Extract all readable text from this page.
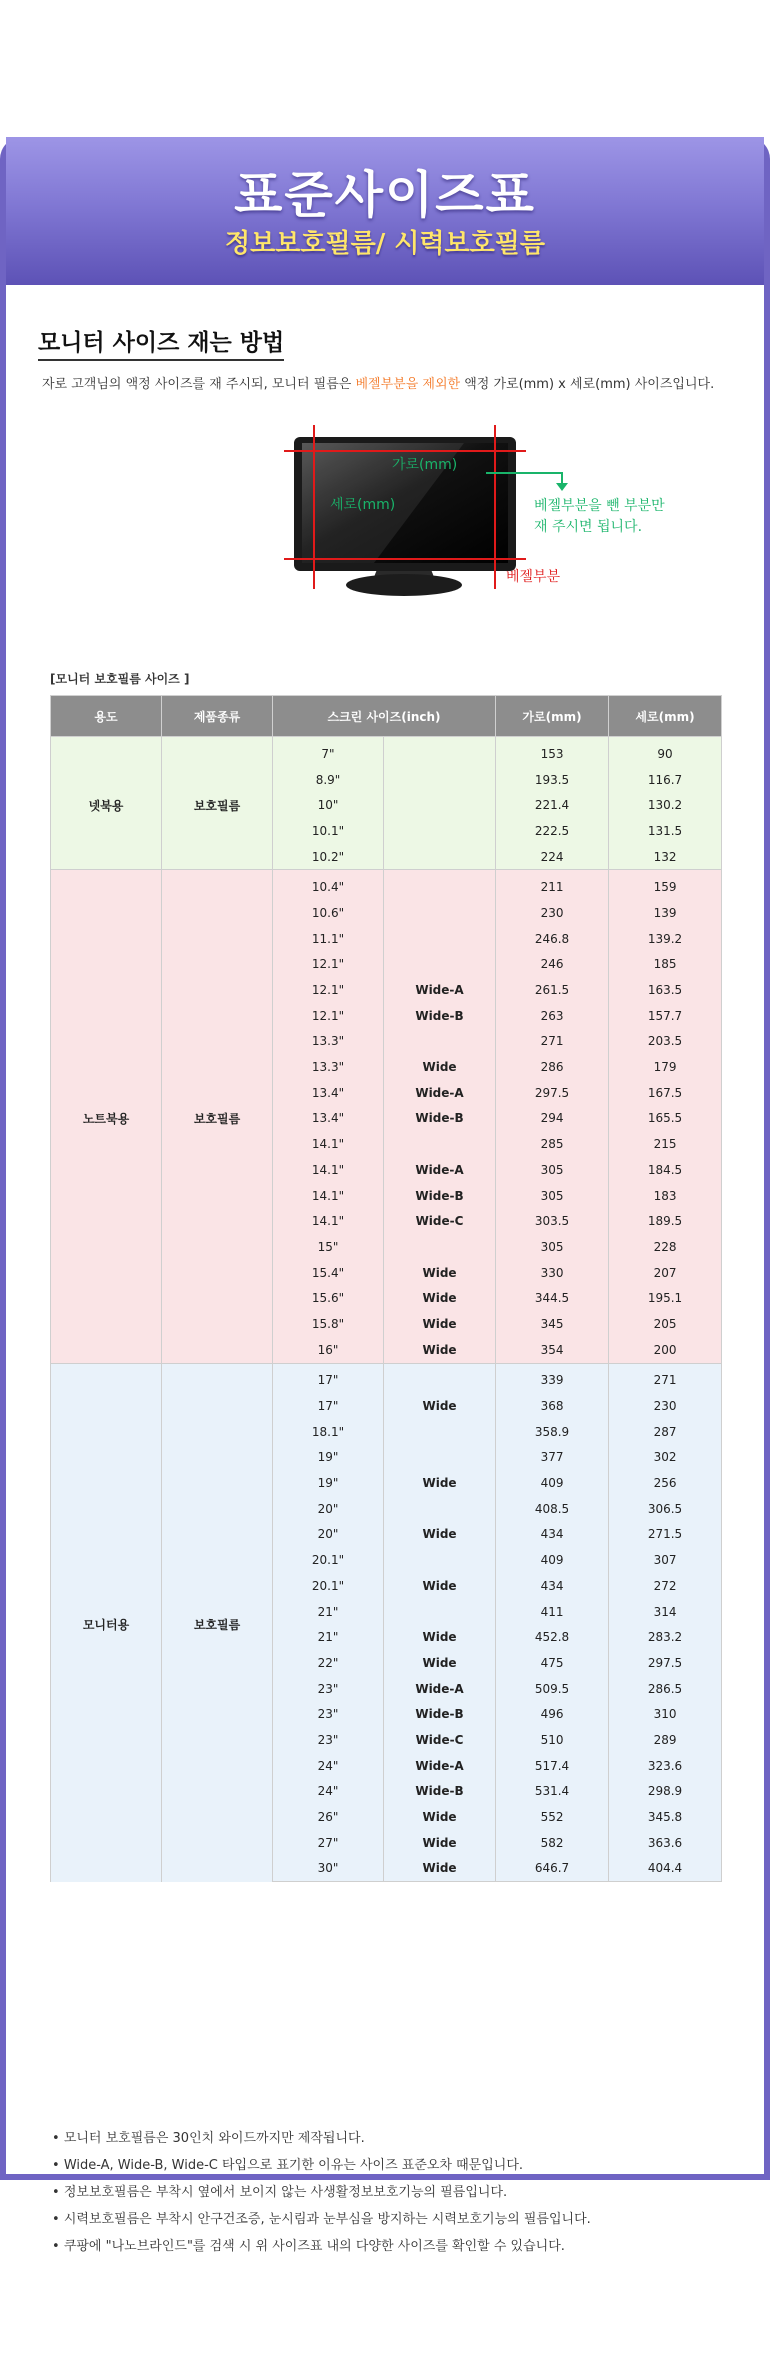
표준사이즈표
정보보호필름/ 시력보호필름
모니터 사이즈 재는 방법
자로 고객님의 액정 사이즈를 재 주시되, 모니터 필름은 베젤부분을 제외한 액정 가로(mm) x 세로(mm) 사이즈입니다.
가로(mm)
세로(mm)	베젤부분을 뺀 부분만
재 주시면 됩니다.
베젤부분
[모니터 보호필름 사이즈 ]
용도	제품종류	스크린 사이즈(inch)		가로(mm)	세로(mm)
넷북용	보호필름	7"		153	90
		8.9"		193.5	116.7
		10"		221.4	130.2
		10.1"		222.5	131.5
		10.2"		224	132
노트북용	보호필름	10.4"		211	159
		10.6"		230	139
		11.1"		246.8	139.2
		12.1"		246	185
		12.1"	Wide-A	261.5	163.5
		12.1"	Wide-B	263	157.7
		13.3"		271	203.5
		13.3"	Wide	286	179
		13.4"	Wide-A	297.5	167.5
		13.4"	Wide-B	294	165.5
		14.1"		285	215
		14.1"	Wide-A	305	184.5
		14.1"	Wide-B	305	183
		14.1"	Wide-C	303.5	189.5
		15"		305	228
		15.4"	Wide	330	207
		15.6"	Wide	344.5	195.1
		15.8"	Wide	345	205
		16"	Wide	354	200
모니터용	보호필름	17"		339	271
		17"	Wide	368	230
		18.1"		358.9	287
		19"		377	302
		19"	Wide	409	256
		20"		408.5	306.5
		20"	Wide	434	271.5
		20.1"		409	307
		20.1"	Wide	434	272
		21"		411	314
		21"	Wide	452.8	283.2
		22"	Wide	475	297.5
		23"	Wide-A	509.5	286.5
		23"	Wide-B	496	310
		23"	Wide-C	510	289
		24"	Wide-A	517.4	323.6
		24"	Wide-B	531.4	298.9
		26"	Wide	552	345.8
		27"	Wide	582	363.6
		30"	Wide	646.7	404.4
• 모니터 보호필름은 30인치 와이드까지만 제작됩니다.
• Wide-A, Wide-B, Wide-C 타입으로 표기한 이유는 사이즈 표준오차 때문입니다.
• 정보보호필름은 부착시 옆에서 보이지 않는 사생활정보보호기능의 필름입니다.
• 시력보호필름은 부착시 안구건조증, 눈시림과 눈부심을 방지하는 시력보호기능의 필름입니다.
• 쿠팡에 "나노브라인드"를 검색 시 위 사이즈표 내의 다양한 사이즈를 확인할 수 있습니다.
